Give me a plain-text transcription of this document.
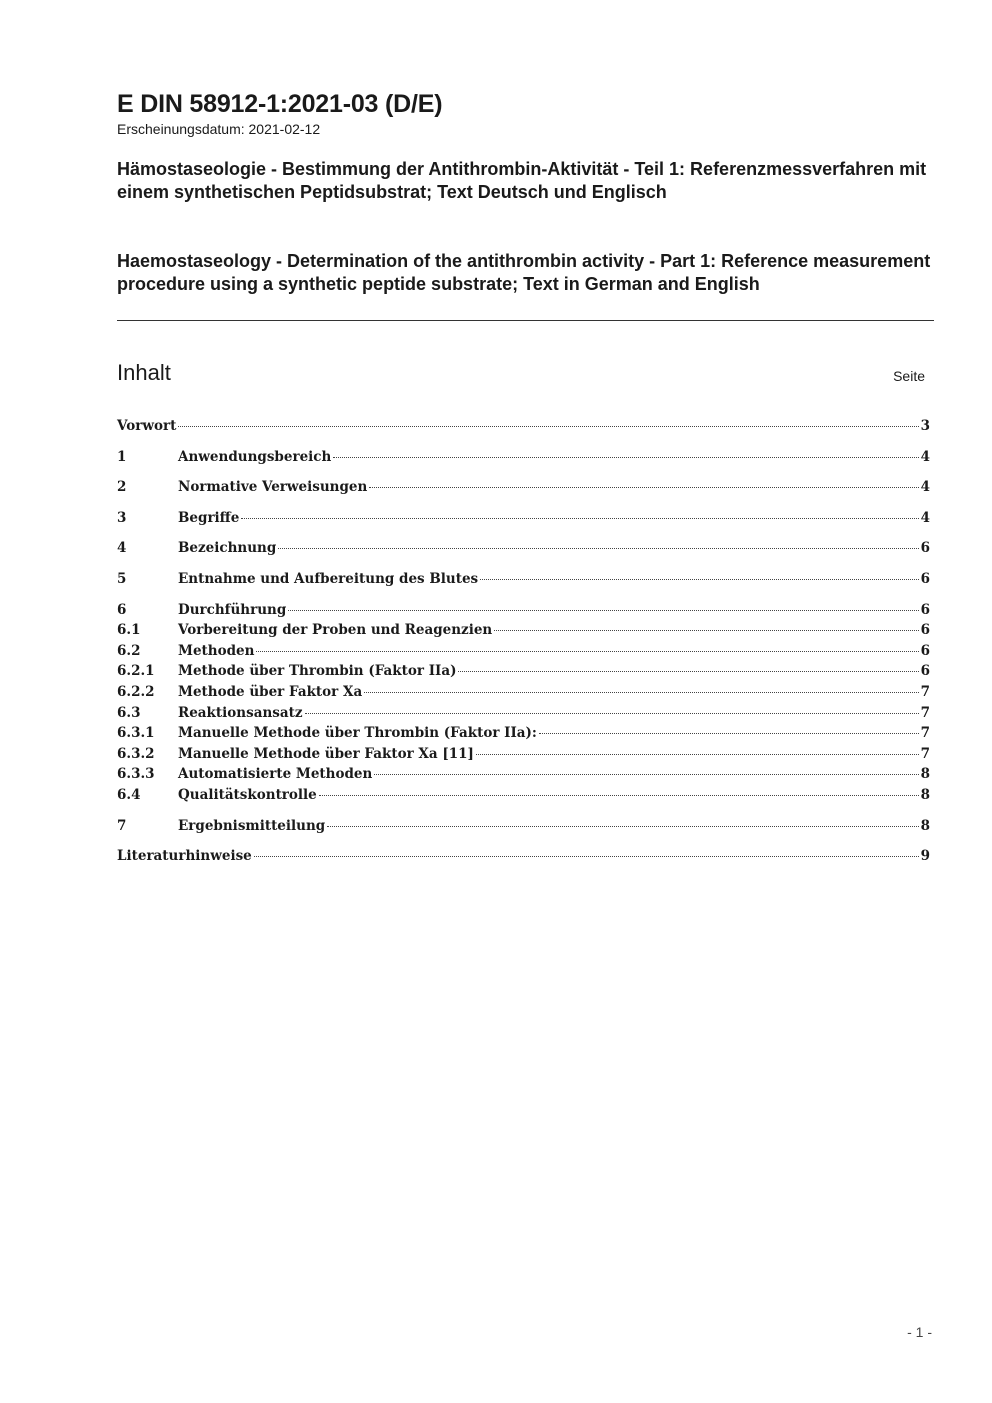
E DIN 58912-1:2021-03 (D/E)
Erscheinungsdatum: 2021-02-12
Hämostaseologie - Bestimmung der Antithrombin-Aktivität - Teil 1: Referenzmessverfahren mit einem synthetischen Peptidsubstrat; Text Deutsch und Englisch
Haemostaseology - Determination of the antithrombin activity - Part 1: Reference measurement procedure using a synthetic peptide substrate; Text in German and English
Inhalt	Seite
Vorwort	3
1	Anwendungsbereich	4
2	Normative Verweisungen	4
3	Begriffe	4
4	Bezeichnung	6
5	Entnahme und Aufbereitung des Blutes	6
6	Durchführung	6
6.1	Vorbereitung der Proben und Reagenzien	6
6.2	Methoden	6
6.2.1	Methode über Thrombin (Faktor IIa)	6
6.2.2	Methode über Faktor Xa	7
6.3	Reaktionsansatz	7
6.3.1	Manuelle Methode über Thrombin (Faktor IIa):	7
6.3.2	Manuelle Methode über Faktor Xa [11]	7
6.3.3	Automatisierte Methoden	8
6.4	Qualitätskontrolle	8
7	Ergebnismitteilung	8
Literaturhinweise	9
- 1 -
